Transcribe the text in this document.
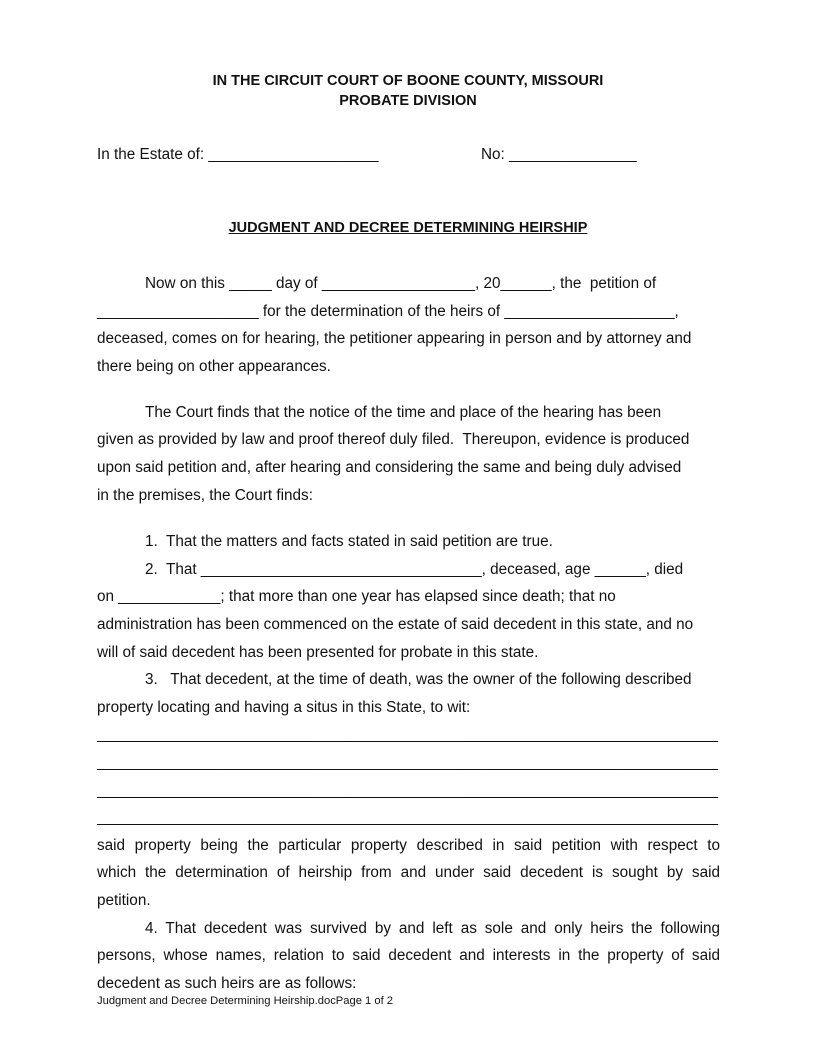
IN THE CIRCUIT COURT OF BOONE COUNTY, MISSOURI
PROBATE DIVISION
In the Estate of: ____________________	No: _______________
JUDGMENT AND DECREE DETERMINING HEIRSHIP
Now on this _____ day of __________________, 20______, the  petition of
___________________ for the determination of the heirs of ____________________,
deceased, comes on for hearing, the petitioner appearing in person and by attorney and
there being on other appearances.
The Court finds that the notice of the time and place of the hearing has been
given as provided by law and proof thereof duly filed.  Thereupon, evidence is produced
upon said petition and, after hearing and considering the same and being duly advised
in the premises, the Court finds:
1.  That the matters and facts stated in said petition are true.
2.  That _________________________________, deceased, age ______, died
on ____________; that more than one year has elapsed since death; that no
administration has been commenced on the estate of said decedent in this state, and no
will of said decedent has been presented for probate in this state.
3.   That decedent, at the time of death, was the owner of the following described
property locating and having a situs in this State, to wit:
_________________________________________________________________________
_________________________________________________________________________
_________________________________________________________________________
_________________________________________________________________________
said property being the particular property described in said petition with respect to
which the determination of heirship from and under said decedent is sought by said
petition.
4. That decedent was survived by and left as sole and only heirs the following
persons, whose names, relation to said decedent and interests in the property of said
decedent as such heirs are as follows:
Judgment and Decree Determining Heirship.docPage 1 of 2
